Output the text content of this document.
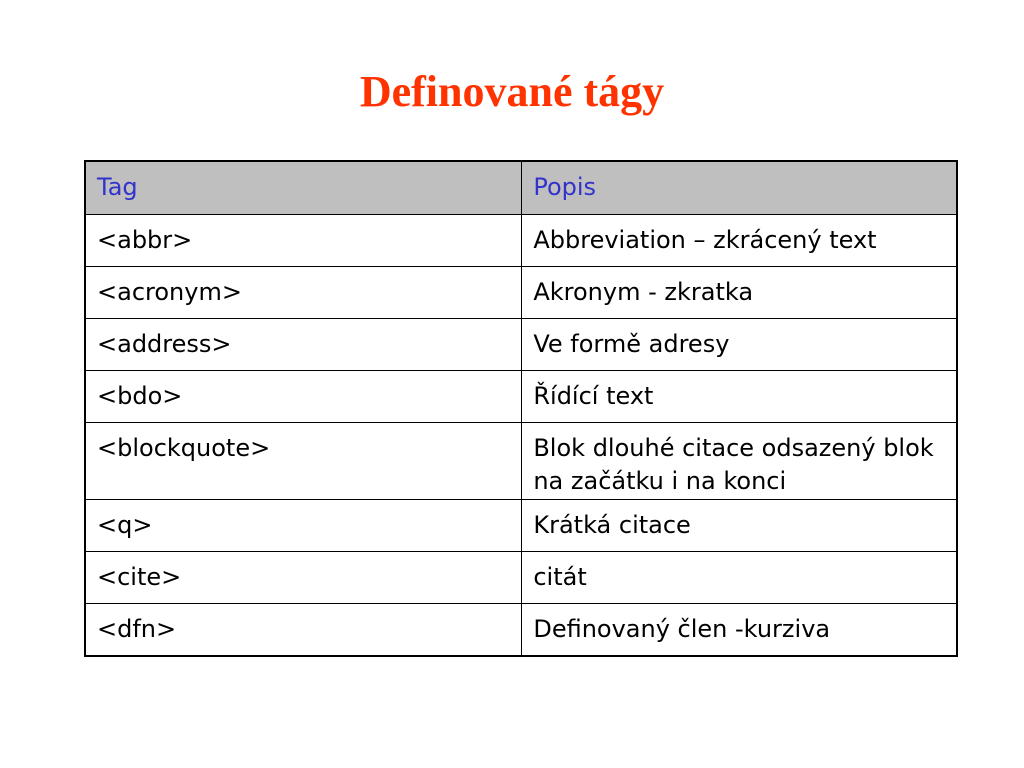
Definované tágy
Tag	Popis
<abbr>	Abbreviation – zkrácený text
<acronym>	Akronym - zkratka
<address>	Ve formě adresy
<bdo>	Řídící text
<blockquote>	Blok dlouhé citace odsazený blok na začátku i na konci
<q>	Krátká citace
<cite>	citát
<dfn>	Definovaný člen -kurziva
